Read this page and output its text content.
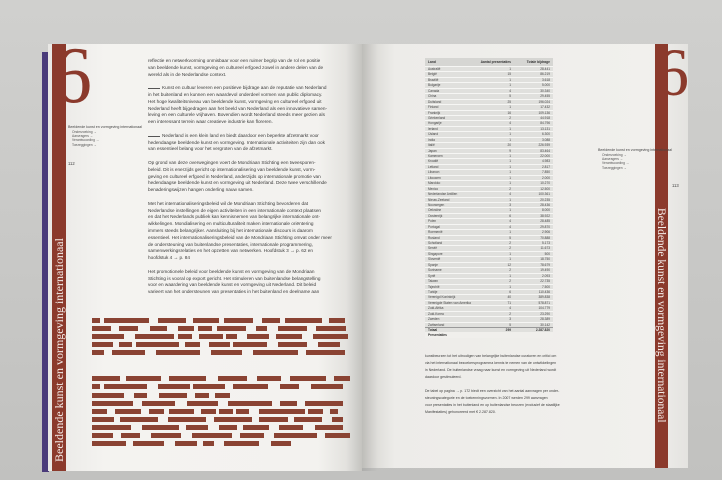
6
Beeldende kunst en vormgeving internationaal
6
Beeldende kunst en vormgeving internationaal
Beeldende kunst en vormgeving internationaal
Onderzoeking →
Aanvragers →
Verantwoording →
Toezeggingen →
112
Beeldende kunst en vormgeving internationaal
Onderzoeking →
Aanvragers →
Verantwoording →
Toezeggingen →
113
reflectie en netwerkvorming onmisbaar voor een ruimer begrip van de rol en positie
van beeldende kunst, vormgeving en cultureel erfgoed zowel in andere delen van de
wereld als in de Nederlandse context.
Kunst en cultuur leveren een positieve bijdrage aan de reputatie van Nederland
in het buitenland en kunnen een waardevol onderdeel vormen van public diplomacy.
Het hoge kwaliteitsniveau van beeldende kunst, vormgeving en cultureel erfgoed uit
Nederland heeft bijgedragen aan het beeld van Nederland als een innovatieve samen-
leving en een culturele vrijhaven. Bovendien wordt Nederland steeds meer gezien als
een interessant terrein waar creatieve industrie kan floreren.
Nederland is een klein land en biedt daardoor een beperkte afzetmarkt voor
hedendaagse beeldende kunst en vormgeving. Internationale activiteiten zijn dan ook
van essentieel belang voor het vergroten van de afzetmarkt.
Op grond van deze overwegingen voert de Mondriaan Stichting een tweesporen-
beleid. Dit is enerzijds gericht op internationalisering van beeldende kunst, vorm-
geving en cultureel erfgoed in Nederland, anderzijds op internationale promotie van
hedendaagse beeldende kunst en vormgeving uit Nederland. Deze twee verschillende
benaderingswijzen hangen onderling nauw samen.
Met het internationaliseringsbeleid wil de Mondriaan Stichting bevorderen dat
Nederlandse instellingen de eigen activiteiten in een internationale context plaatsen
en dat het Nederlands publiek kan kennisnemen van belangrijke internationale ont-
wikkelingen. Mondialisering en multiculturaliteit maken internationale oriëntering
immers steeds belangrijker. Aansluiting bij het internationale discours is daarom
essentieel. Het internationaliseringsbeleid van de Mondriaan Stichting omvat onder meer
de ondersteuning van buitenlandse presentaties, internationale programmering,
samenwerkingsrelaties en het opzetten van netwerken. Hoofdstuk 3 → p. 62 en
hoofdstuk 4 → p. 84
Het promotionele beleid voor beeldende kunst en vormgeving van de Mondriaan
Stichting is vooral op export gericht. Het stimuleren van buitenlandse belangstelling
voor en waardering van beeldende kunst en vormgeving uit Nederland. Dit beleid
varieert van het ondersteunen van presentaties in het buitenland en deelname aan
Land	Aantal presentaties	Totale bijdrage
Australië	1	28.441
België	15	86.219
Brazilië	1	3.618
Bulgarije	1	5.000
Canada	4	30.340
China	5	29.455
Duitsland	25	196.024
Finland	1	17.432
Frankrijk	16	109.136
Griekenland	2	44.918
Hongarije	4	84.796
Ierland	1	13.131
IJsland	1	6.300
India	1	3.088
Italië	20	226.939
Japan	9	83.464
Kameroen	1	22.000
Kroatië	1	4.983
Letland	1	2.817
Libanon	1	7.850
Litouwen	1	2.000
Marokko	1	10.270
Mexico	2	12.500
Nederlandse Antillen	4	100.361
Nieuw-Zeeland	1	20.235
Noorwegen	3	28.436
Oekraïne	1	8.000
Oostenrijk	6	38.922
Polen	4	28.485
Portugal	4	29.870
Roemenië	1	2.906
Rusland	5	70.888
Schotland	2	5.173
Servië	2	11.673
Singapore	1	500
Slovenië	1	18.750
Spanje	12	78.679
Suriname	2	19.490
Syrië	1	2.093
Taiwan	2	22.735
Tsjechië	1	7.500
Turkije	6	110.436
Verenigd Koninkrijk	40	389.838
Verenigde Staten van Amerika	71	578.871
Zuid-Afrika	4	104.779
Zuid-Korea	2	23.290
Zweden	3	28.389
Zwitserland	5	30.142
Totaal	299	2.287.820
Presentaties
kunstbeurzen tot het uitnodigen van belangrijke buitenlandse curatoren en critici om
via het internationaal bezoekersprogramma kennis te nemen van de ontwikkelingen
in Nederland. De buitenlandse vraag naar kunst en vormgeving uit Nederland wordt
daardoor gestimuleerd.
De tabel op pagina → p. 172 biedt een overzicht van het aantal aanvragen per onder-
steuningscategorie en de toekenningsvormen. In 2007 werden 299 aanvragen
voor presentaties in het buitenland en op buitenlandse beurzen (exclusief de staatlijke
Manifestaties) gehonoreerd met € 2.287.820.
